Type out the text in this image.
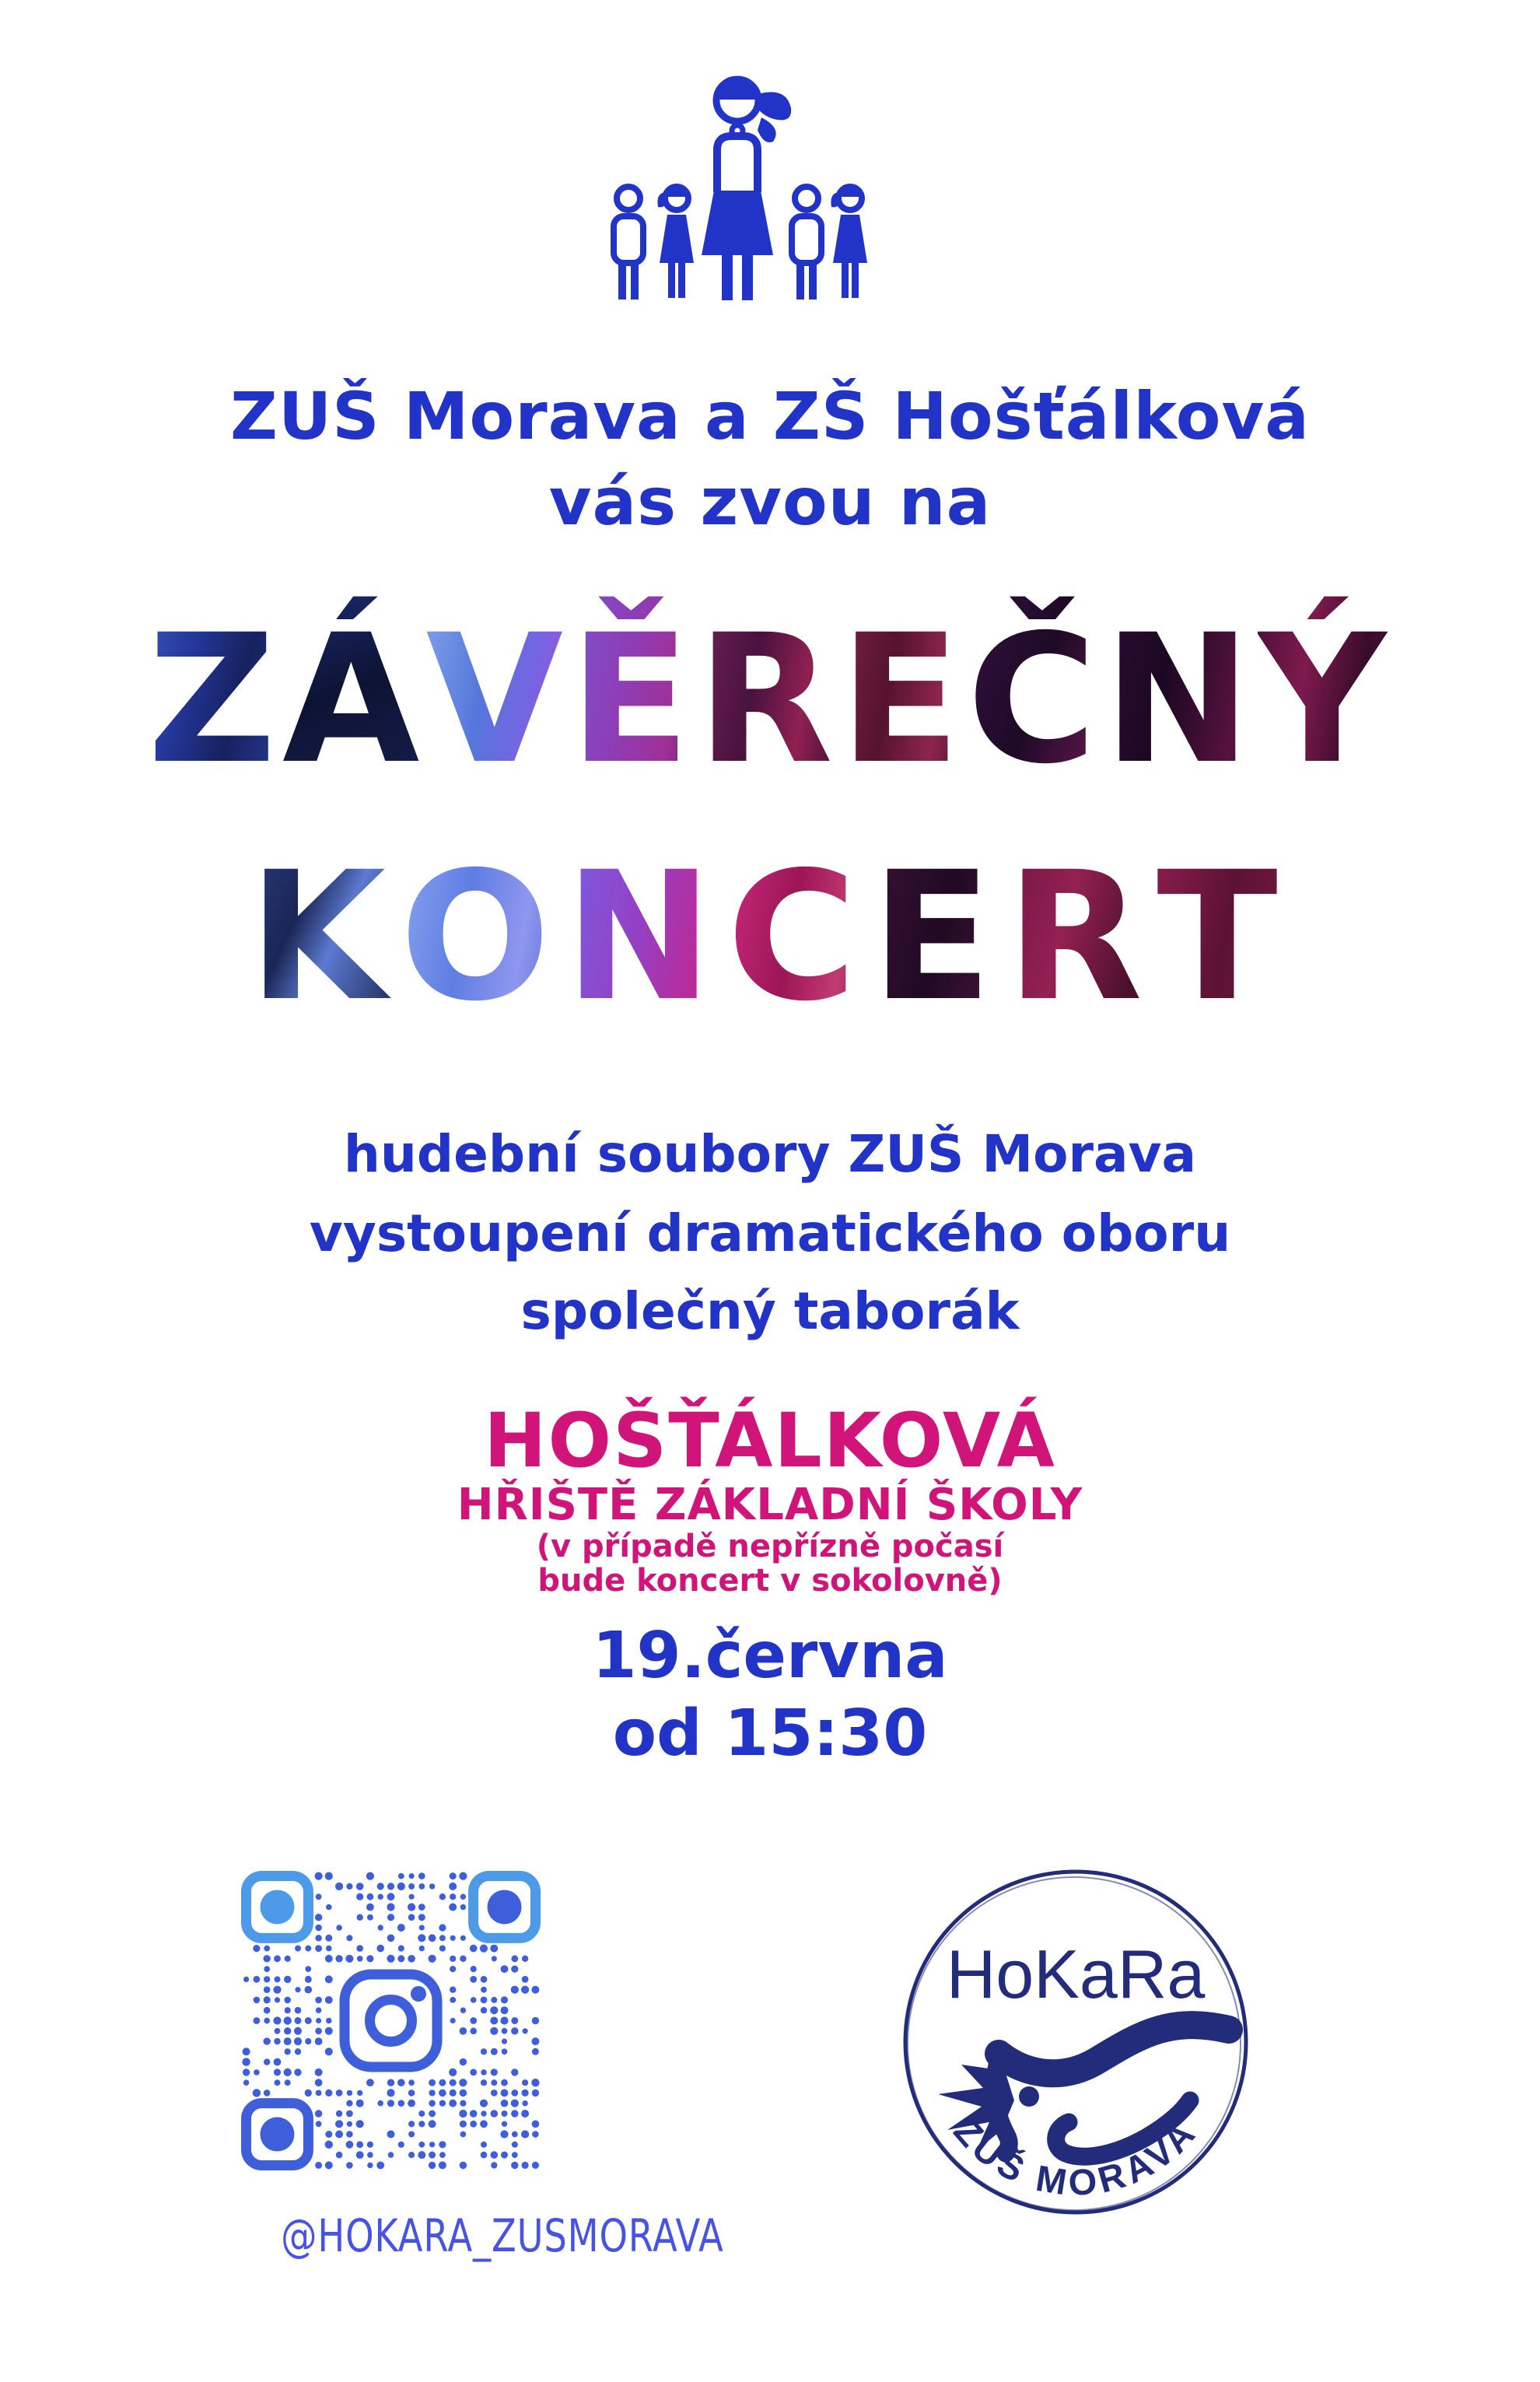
ZUŠ Morava a ZŠ Hošťálková
vás zvou na
ZÁVĚREČNÝ
KONCERT
hudební soubory ZUŠ Morava
vystoupení dramatického oboru
společný taborák
HOŠŤÁLKOVÁ
HŘIŠTĚ ZÁKLADNÍ ŠKOLY
(v případě nepřízně počasí
bude koncert v sokolovně)
19.června
od 15:30
@HOKARA_ZUSMORAVA
HoKaRa
ZUŠ MORAVA
